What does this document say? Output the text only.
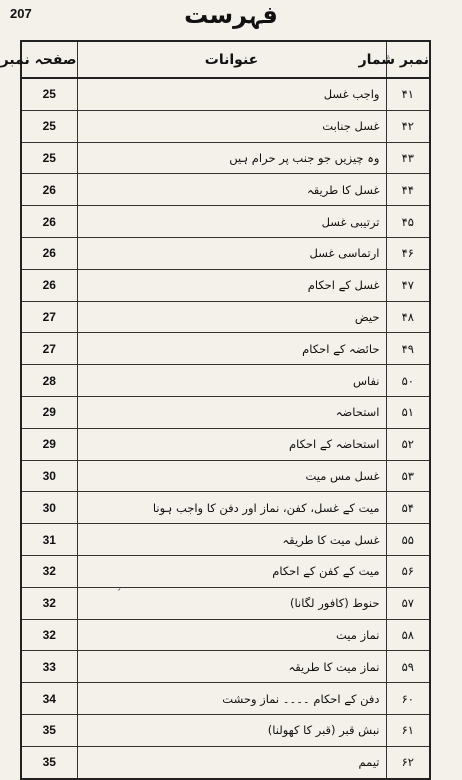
207	فہرست
صفحہ نمبر	عنوانات	نمبر شمار
25	واجب غسل	۴۱
25	غسل جنابت	۴۲
25	وہ چیزیں جو جنب پر حرام ہیں	۴۳
26	غسل کا طریقہ	۴۴
26	ترتیبی غسل	۴۵
26	ارتماسی غسل	۴۶
26	غسل کے احکام	۴۷
27	حیض	۴۸
27	حائضہ کے احکام	۴۹
28	نفاس	۵۰
29	استحاضہ	۵۱
29	استحاضہ کے احکام	۵۲
30	غسل مس میت	۵۳
30	میت کے غسل، کفن، نماز اور دفن کا واجب ہونا	۵۴
31	غسل میت کا طریقہ	۵۵
32	میت کے کفن کے احکام	۵۶
32	حنوط (کافور لگانا)	۵۷
32	نماز میت	۵۸
33	نماز میت کا طریقہ	۵۹
34	دفن کے احکام ۔۔۔۔ نماز وحشت	۶۰
35	نبش قبر (قبر کا کھولنا)	۶۱
35	تیمم	۶۲
ˏ
